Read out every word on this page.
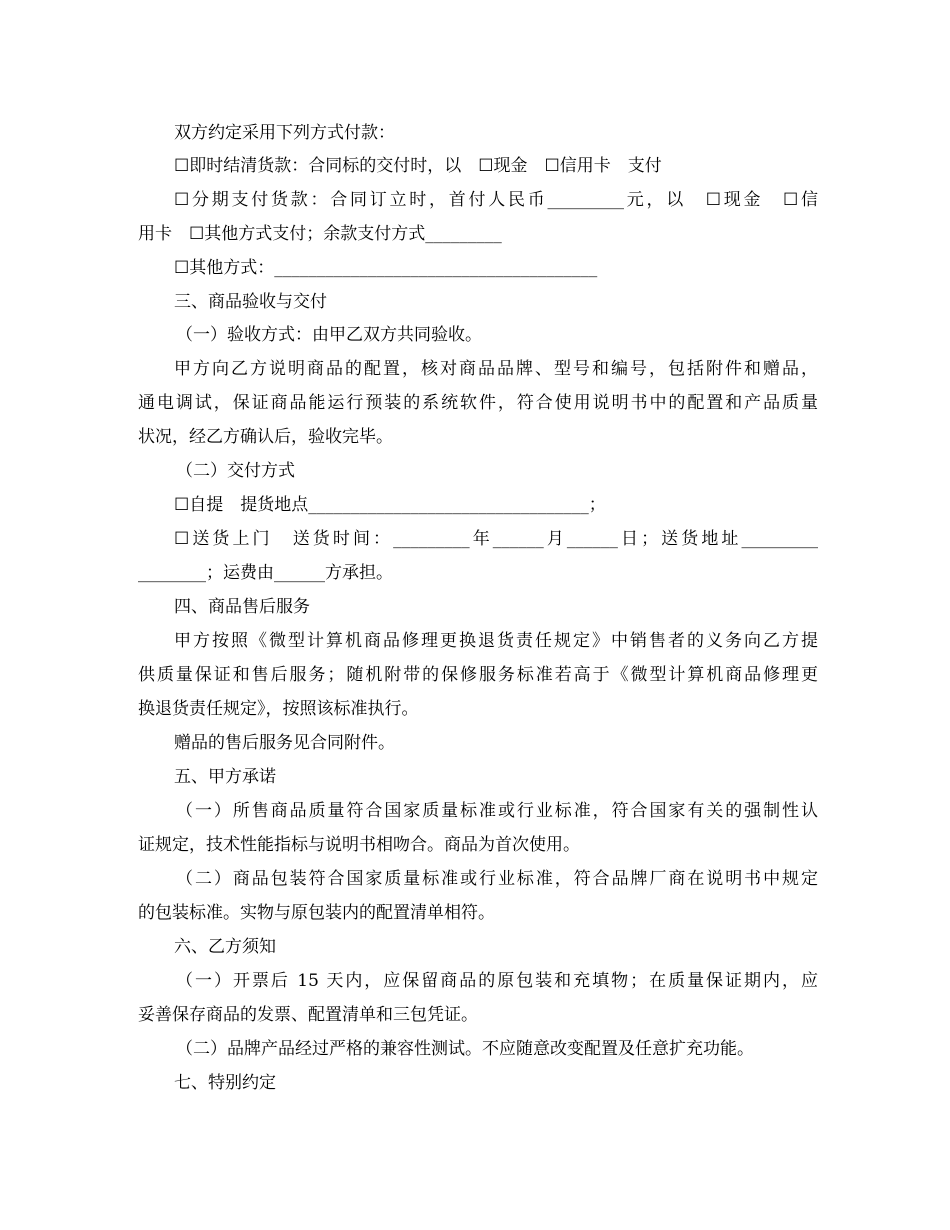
双方约定采用下列方式付款：
☐即时结清货款：合同标的交付时，以　☐现金　☐信用卡　支付
☐分期支付货款：合同订立时，首付人民币_________元，以　☐现金　☐信
用卡　☐其他方式支付；余款支付方式_________
☐其他方式：______________________________________
三、商品验收与交付
（一）验收方式：由甲乙双方共同验收。
甲方向乙方说明商品的配置，核对商品品牌、型号和编号，包括附件和赠品，
通电调试，保证商品能运行预装的系统软件，符合使用说明书中的配置和产品质量
状况，经乙方确认后，验收完毕。
（二）交付方式
☐自提　提货地点_________________________________；
☐送货上门　送货时间：_________年______月______日；送货地址_________
________；运费由______方承担。
四、商品售后服务
甲方按照《微型计算机商品修理更换退货责任规定》中销售者的义务向乙方提
供质量保证和售后服务；随机附带的保修服务标准若高于《微型计算机商品修理更
换退货责任规定》，按照该标准执行。
赠品的售后服务见合同附件。
五、甲方承诺
（一）所售商品质量符合国家质量标准或行业标准，符合国家有关的强制性认
证规定，技术性能指标与说明书相吻合。商品为首次使用。
（二）商品包装符合国家质量标准或行业标准，符合品牌厂商在说明书中规定
的包装标准。实物与原包装内的配置清单相符。
六、乙方须知
（一）开票后 15 天内，应保留商品的原包装和充填物；在质量保证期内，应
妥善保存商品的发票、配置清单和三包凭证。
（二）品牌产品经过严格的兼容性测试。不应随意改变配置及任意扩充功能。
七、特别约定
